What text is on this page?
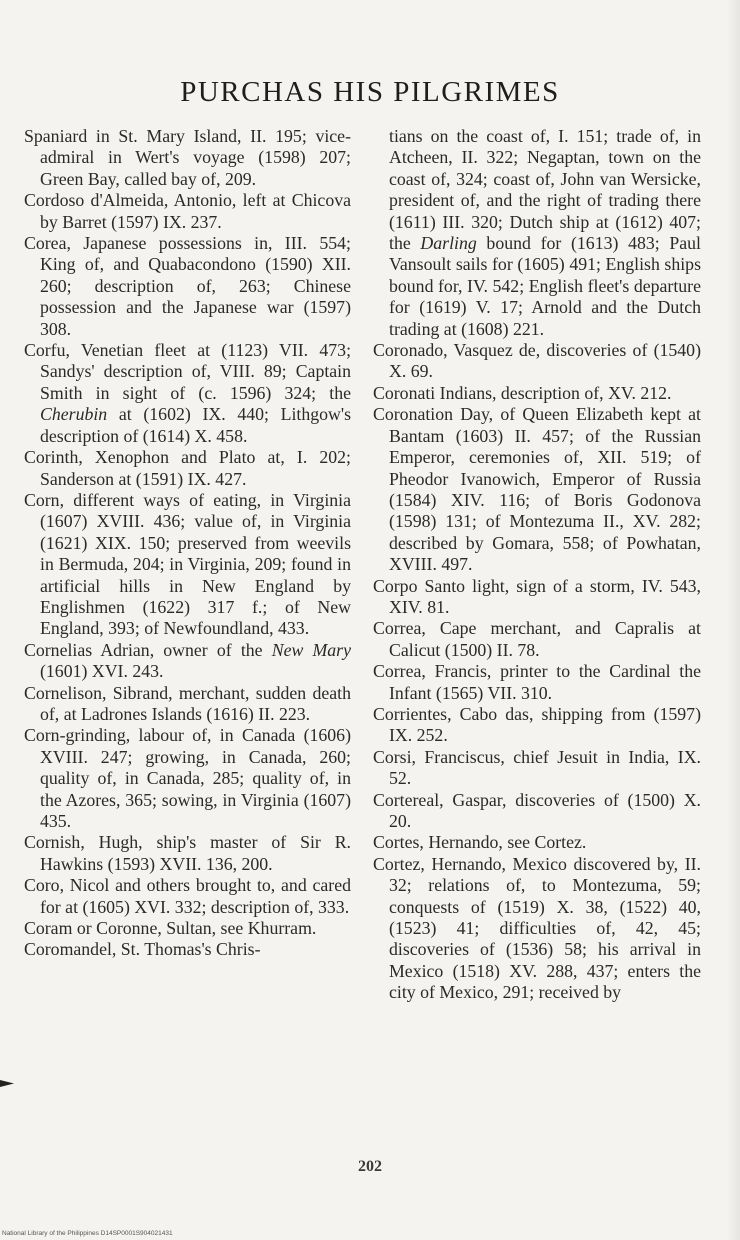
PURCHAS HIS PILGRIMES

Spaniard in St. Mary Island, II. 195; vice-admiral in Wert's voyage (1598) 207; Green Bay, called bay of, 209.

Cordoso d'Almeida, Antonio, left at Chicova by Barret (1597) IX. 237.

Corea, Japanese possessions in, III. 554; King of, and Quabacondono (1590) XII. 260; description of, 263; Chinese possession and the Japanese war (1597) 308.

Corfu, Venetian fleet at (1123) VII. 473; Sandys' description of, VIII. 89; Captain Smith in sight of (c. 1596) 324; the Cherubin at (1602) IX. 440; Lithgow's description of (1614) X. 458.

Corinth, Xenophon and Plato at, I. 202; Sanderson at (1591) IX. 427.

Corn, different ways of eating, in Virginia (1607) XVIII. 436; value of, in Virginia (1621) XIX. 150; preserved from weevils in Bermuda, 204; in Virginia, 209; found in artificial hills in New England by Englishmen (1622) 317 f.; of New England, 393; of Newfoundland, 433.

Cornelias Adrian, owner of the New Mary (1601) XVI. 243.

Cornelison, Sibrand, merchant, sudden death of, at Ladrones Islands (1616) II. 223.

Corn-grinding, labour of, in Canada (1606) XVIII. 247; growing, in Canada, 260; quality of, in Canada, 285; quality of, in the Azores, 365; sowing, in Virginia (1607) 435.

Cornish, Hugh, ship's master of Sir R. Hawkins (1593) XVII. 136, 200.

Coro, Nicol and others brought to, and cared for at (1605) XVI. 332; description of, 333.

Coram or Coronne, Sultan, see Khurram.

Coromandel, St. Thomas's Chris-

tians on the coast of, I. 151; trade of, in Atcheen, II. 322; Negaptan, town on the coast of, 324; coast of, John van Wersicke, president of, and the right of trading there (1611) III. 320; Dutch ship at (1612) 407; the Darling bound for (1613) 483; Paul Vansoult sails for (1605) 491; English ships bound for, IV. 542; English fleet's departure for (1619) V. 17; Arnold and the Dutch trading at (1608) 221.

Coronado, Vasquez de, discoveries of (1540) X. 69.

Coronati Indians, description of, XV. 212.

Coronation Day, of Queen Elizabeth kept at Bantam (1603) II. 457; of the Russian Emperor, ceremonies of, XII. 519; of Pheodor Ivanowich, Emperor of Russia (1584) XIV. 116; of Boris Godonova (1598) 131; of Montezuma II., XV. 282; described by Gomara, 558; of Powhatan, XVIII. 497.

Corpo Santo light, sign of a storm, IV. 543, XIV. 81.

Correa, Cape merchant, and Capralis at Calicut (1500) II. 78.

Correa, Francis, printer to the Cardinal the Infant (1565) VII. 310.

Corrientes, Cabo das, shipping from (1597) IX. 252.

Corsi, Franciscus, chief Jesuit in India, IX. 52.

Cortereal, Gaspar, discoveries of (1500) X. 20.

Cortes, Hernando, see Cortez.

Cortez, Hernando, Mexico discovered by, II. 32; relations of, to Montezuma, 59; conquests of (1519) X. 38, (1522) 40, (1523) 41; difficulties of, 42, 45; discoveries of (1536) 58; his arrival in Mexico (1518) XV. 288, 437; enters the city of Mexico, 291; received by

202
National Library of the Philippines D14SP0001S904021431
